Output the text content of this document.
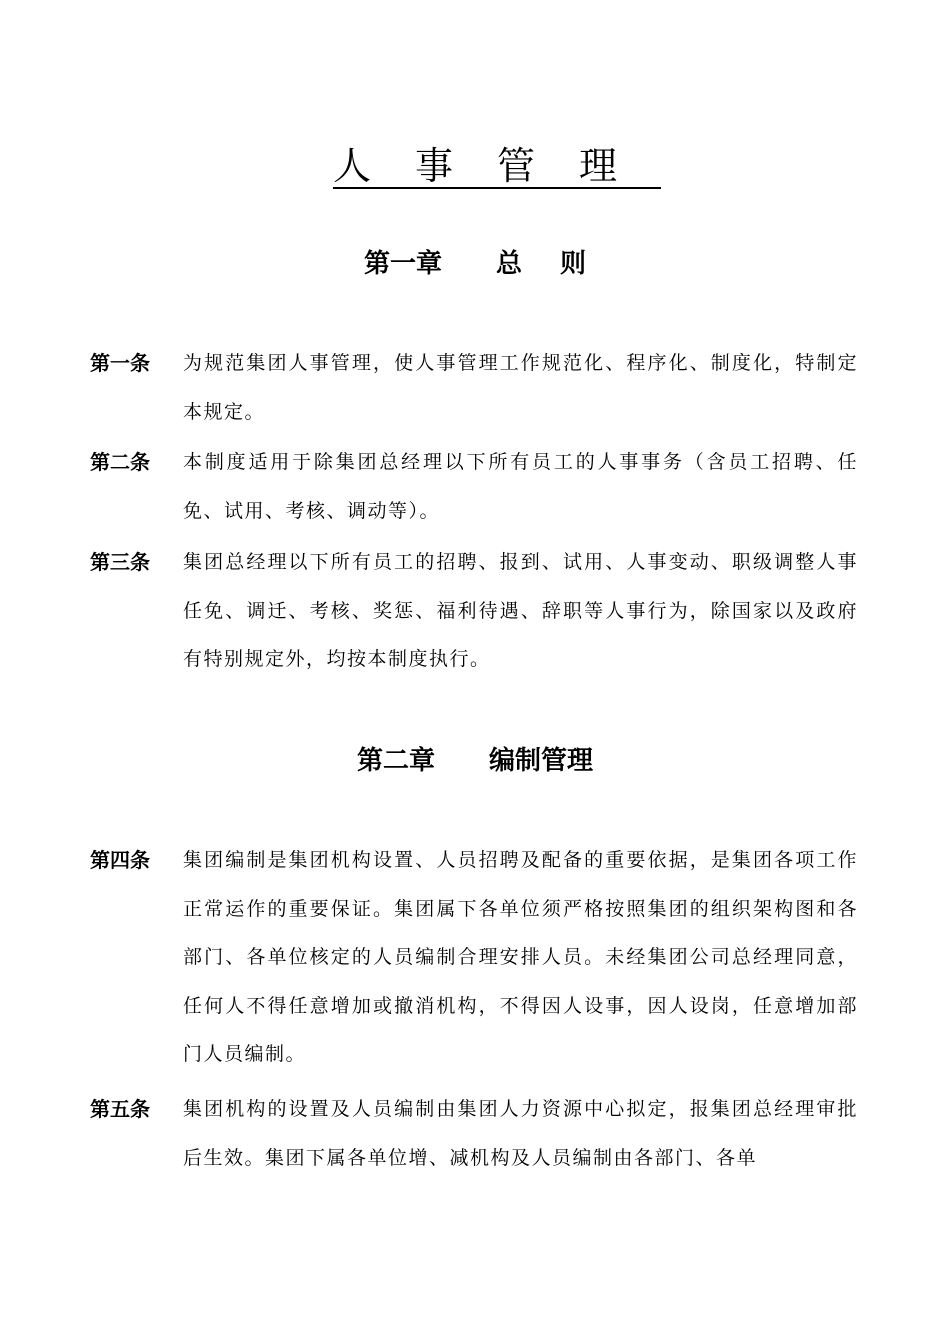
人事管理
第一章 总则
第一条 为规范集团人事管理，使人事管理工作规范化、程序化、制度化，特制定本规定。
第二条 本制度适用于除集团总经理以下所有员工的人事事务（含员工招聘、任免、试用、考核、调动等）。
第三条 集团总经理以下所有员工的招聘、报到、试用、人事变动、职级调整人事任免、调迁、考核、奖惩、福利待遇、辞职等人事行为，除国家以及政府有特别规定外，均按本制度执行。
第二章 编制管理
第四条 集团编制是集团机构设置、人员招聘及配备的重要依据，是集团各项工作正常运作的重要保证。集团属下各单位须严格按照集团的组织架构图和各部门、各单位核定的人员编制合理安排人员。未经集团公司总经理同意，任何人不得任意增加或撤消机构，不得因人设事，因人设岗，任意增加部门人员编制。
第五条 集团机构的设置及人员编制由集团人力资源中心拟定，报集团总经理审批后生效。集团下属各单位增、减机构及人员编制由各部门、各单
